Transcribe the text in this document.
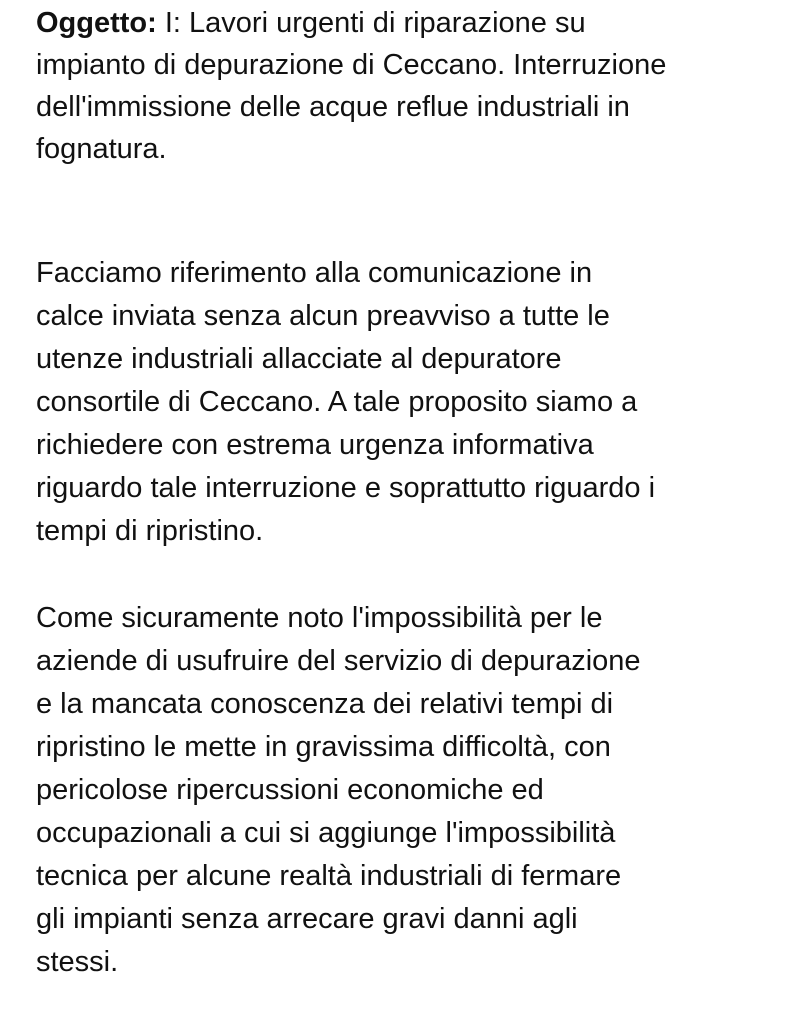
Oggetto: I: Lavori urgenti di riparazione su

impianto di depurazione di Ceccano. Interruzione

dell'immissione delle acque reflue industriali in

fognatura.

Facciamo riferimento alla comunicazione in

calce inviata senza alcun preavviso a tutte le

utenze industriali allacciate al depuratore

consortile di Ceccano. A tale proposito siamo a

richiedere con estrema urgenza informativa

riguardo tale interruzione e soprattutto riguardo i

tempi di ripristino.

Come sicuramente noto l'impossibilità per le

aziende di usufruire del servizio di depurazione

e la mancata conoscenza dei relativi tempi di

ripristino le mette in gravissima difficoltà, con

pericolose ripercussioni economiche ed

occupazionali a cui si aggiunge l'impossibilità

tecnica per alcune realtà industriali di fermare

gli impianti senza arrecare gravi danni agli

stessi.
